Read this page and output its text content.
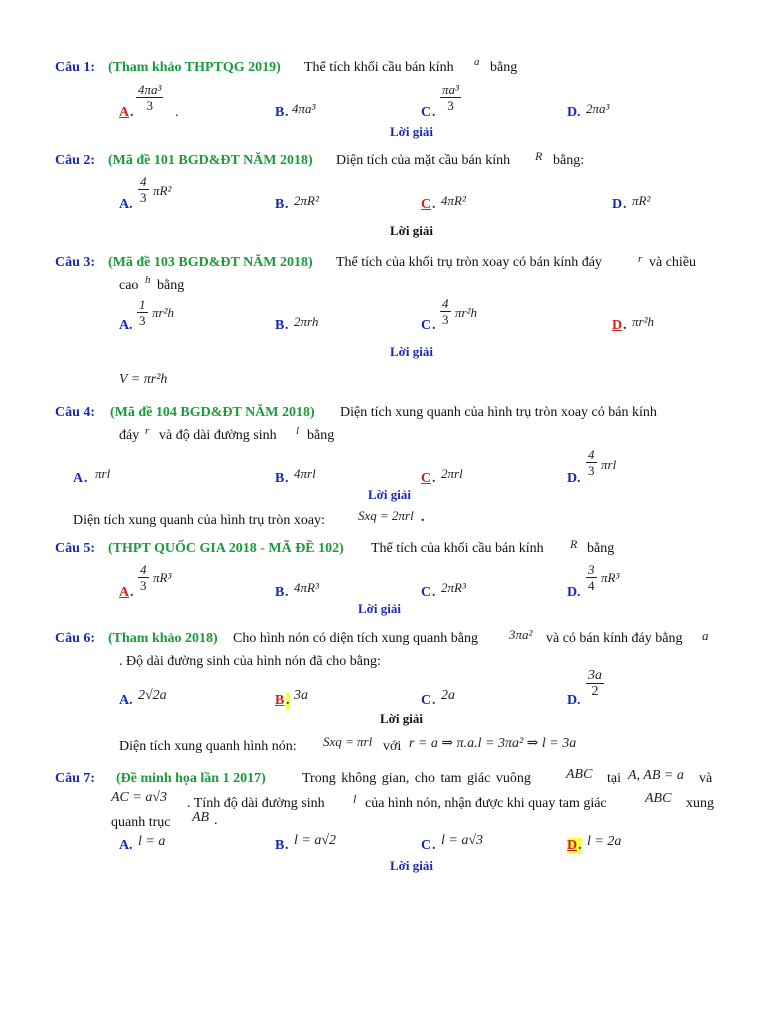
Câu 1: (Tham khảo THPTQG 2019) Thể tích khối cầu bán kính a bằng
A . $\frac{\text{4πa³}}{3}$ .	B . 4πa³	C . $\frac{\text{πa³}}{3}$	D . 2πa³
Lời giải
Câu 2: (Mã đề 101 BGD&ĐT NĂM 2018) Diện tích của mặt cầu bán kính R bằng:
A . $\frac{4}{3} \pi R^2$
B . 2πR²	C . 4πR²	D . πR²
Lời giải
Câu 3: (Mã đề 103 BGD&ĐT NĂM 2018) Thể tích của khối trụ tròn xoay có bán kính đáy	r và chiều
cao h bằng
A . $\frac{1}{3} \pi r^2h$
B . 2πrh	C . $\frac{4}{3} \pi r^2h$
D . πr²h
Lời giải
V = πr²h
Câu 4: (Mã đề 104 BGD&ĐT NĂM 2018) Diện tích xung quanh của hình trụ tròn xoay có bán kính
đáy r và độ dài đường sinh l bằng
A . πrl	B . 4πrl	C . 2πrl	D .
$\frac{4}{3}$ πrl
Lời giải
Diện tích xung quanh của hình trụ tròn xoay:	Sxq = 2πrl .
Câu 5: (THPT QUỐC GIA 2018 - MÃ ĐỀ 102) Thể tích của khối cầu bán kính R bằng
A . $\frac{4}{3} \pi R^3$
B . 4πR³	C . 2πR³	D . $\frac{3}{4} \pi R^3$
Lời giải
Câu 6: (Tham khảo 2018) Cho hình nón có diện tích xung quanh bằng 3πa² và có bán kính đáy bằng a
. Độ dài đường sinh của hình nón đã cho bằng:
A . 2√2a	B . 3a	C . 2a	D .
$\frac{3a}{2}$
Lời giải
Diện tích xung quanh hình nón: Sxq = πrl với r = a ⇒ π.a.l = 3πa² ⇒ l = 3a
Câu 7: (Đề minh họa lần 1 2017)	Trong không gian, cho tam giác vuông	ABC tại A, AB = a và
AC = a√3 . Tính độ dài đường sinh l của hình nón, nhận được khi quay tam giác	ABC xung
quanh trục AB .
A . l = a	B . l = a√2	C . l = a√3	D . l = 2a
Lời giải
